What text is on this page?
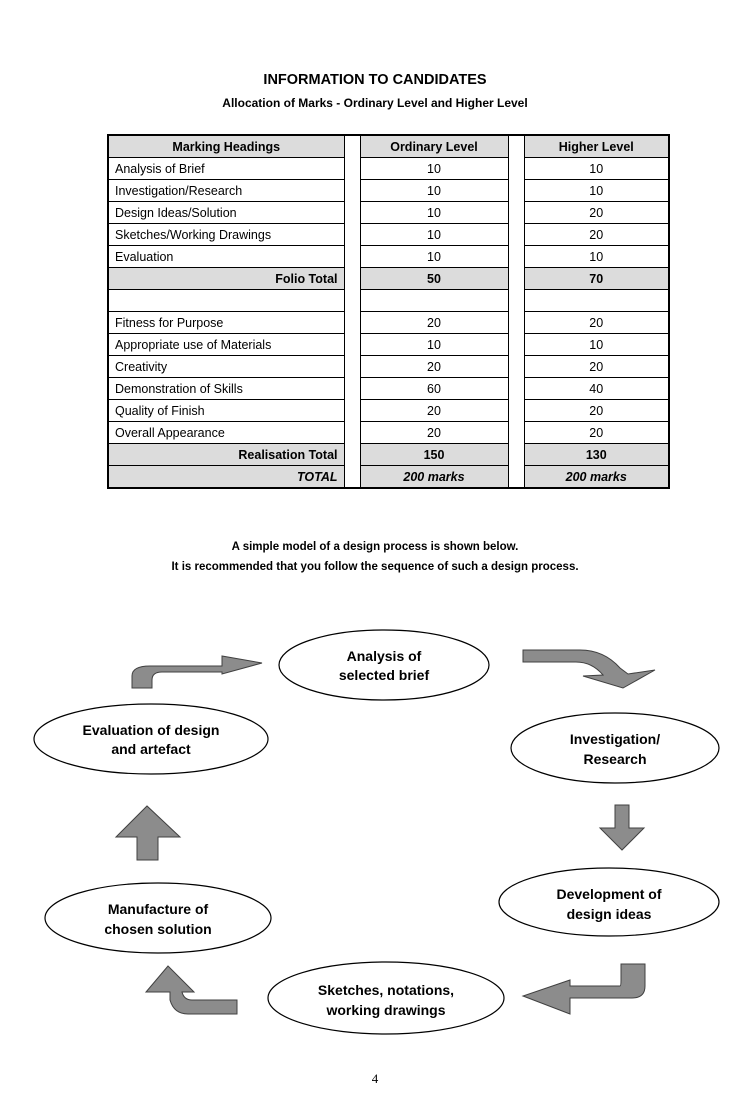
INFORMATION TO CANDIDATES
Allocation of Marks - Ordinary Level and Higher Level
Marking Headings		Ordinary Level		Higher Level
Analysis of Brief		10		10
Investigation/Research		10		10
Design Ideas/Solution		10		20
Sketches/Working Drawings		10		20
Evaluation		10		10
Folio Total		50		70

Fitness for Purpose		20		20
Appropriate use of Materials		10		10
Creativity		20		20
Demonstration of Skills		60		40
Quality of Finish		20		20
Overall Appearance		20		20
Realisation Total		150		130
TOTAL		200 marks		200 marks
A simple model of a design process is shown below.
It is recommended that you follow the sequence of such a design process.
Analysis of
selected brief
Investigation/
Research
Development of
design ideas
Sketches, notations,
working drawings
Manufacture of
chosen solution
Evaluation of design
and artefact
4
